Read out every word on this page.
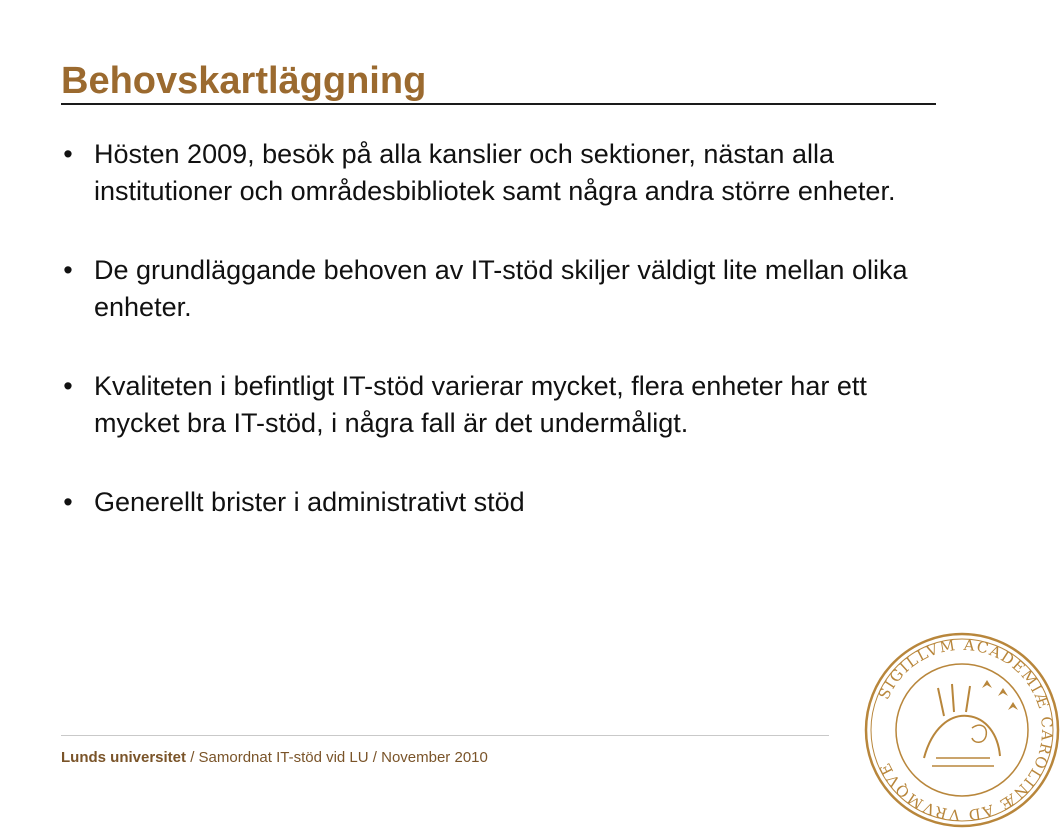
Behovskartläggning
• Hösten 2009, besök på alla kanslier och sektioner, nästan alla institutioner och områdesbibliotek samt några andra större enheter.
• De grundläggande behoven av IT-stöd skiljer väldigt lite mellan olika enheter.
• Kvaliteten i befintligt IT-stöd varierar mycket, flera enheter har ett mycket bra IT-stöd, i några fall är det undermåligt.
• Generellt brister i administrativt stöd
Lunds universitet / Samordnat IT-stöd vid LU / November 2010
SIGILLVM ACADEMIÆ CAROLINÆ AD VRVMQVE
